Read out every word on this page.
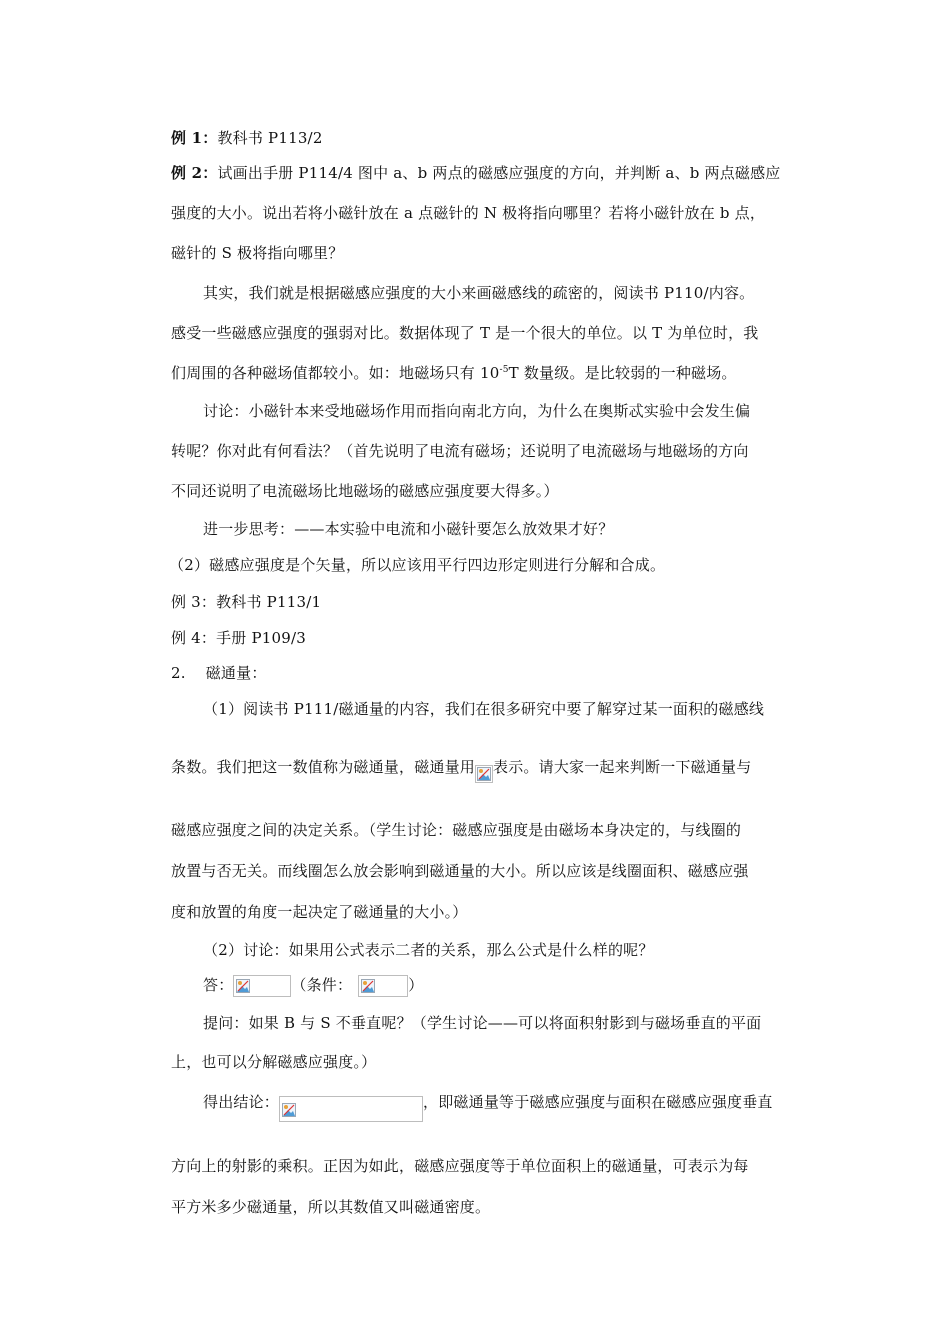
例 1：教科书 P113/2
例 2：试画出手册 P114/4 图中 a、b 两点的磁感应强度的方向，并判断 a、b 两点磁感应
强度的大小。说出若将小磁针放在 a 点磁针的 N 极将指向哪里？若将小磁针放在 b 点，
磁针的 S 极将指向哪里？
其实，我们就是根据磁感应强度的大小来画磁感线的疏密的，阅读书 P110/内容。
感受一些磁感应强度的强弱对比。数据体现了 T 是一个很大的单位。以 T 为单位时，我
们周围的各种磁场值都较小。如：地磁场只有 $10^{-5}T$ 数量级。是比较弱的一种磁场。
讨论：小磁针本来受地磁场作用而指向南北方向，为什么在奥斯忒实验中会发生偏
转呢？你对此有何看法？（首先说明了电流有磁场；还说明了电流磁场与地磁场的方向
不同还说明了电流磁场比地磁场的磁感应强度要大得多。）
进一步思考：——本实验中电流和小磁针要怎么放效果才好？
（2）磁感应强度是个矢量，所以应该用平行四边形定则进行分解和合成。
例 3：教科书 P113/1
例 4：手册 P109/3
2. 磁通量：
（1）阅读书 P111/磁通量的内容，我们在很多研究中要了解穿过某一面积的磁感线
条数。我们把这一数值称为磁通量，磁通量用 表示。请大家一起来判断一下磁通量与
磁感应强度之间的决定关系。（学生讨论：磁感应强度是由磁场本身决定的，与线圈的
放置与否无关。而线圈怎么放会影响到磁通量的大小。所以应该是线圈面积、磁感应强
度和放置的角度一起决定了磁通量的大小。）
（2）讨论：如果用公式表示二者的关系，那么公式是什么样的呢？
答：	（条件：	）
提问：如果 B 与 S 不垂直呢？（学生讨论——可以将面积射影到与磁场垂直的平面
上，也可以分解磁感应强度。）
得出结论：	，即磁通量等于磁感应强度与面积在磁感应强度垂直
方向上的射影的乘积。正因为如此，磁感应强度等于单位面积上的磁通量，可表示为每
平方米多少磁通量，所以其数值又叫磁通密度。
